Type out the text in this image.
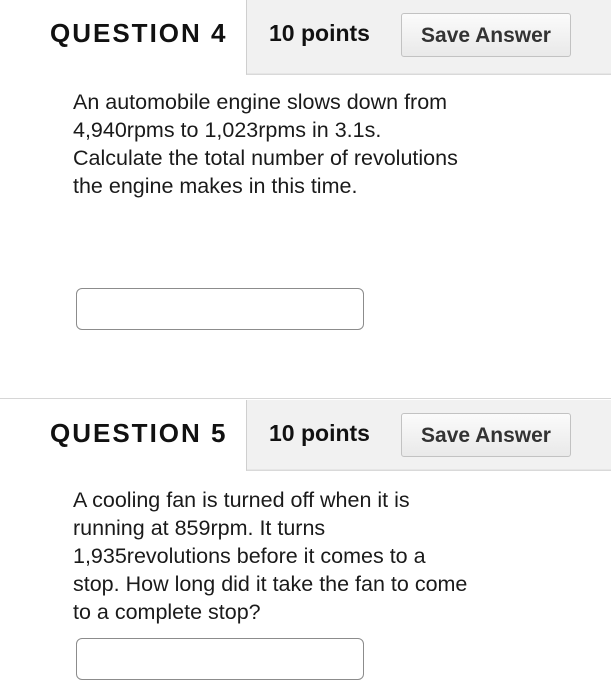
QUESTION 4 10 points	Save Answer

An automobile engine slows down from 4,940rpms to 1,023rpms in 3.1s. Calculate the total number of revolutions the engine makes in this time.

QUESTION 5 10 points	Save Answer

A cooling fan is turned off when it is running at 859rpm. It turns 1,935revolutions before it comes to a stop. How long did it take the fan to come to a complete stop?
